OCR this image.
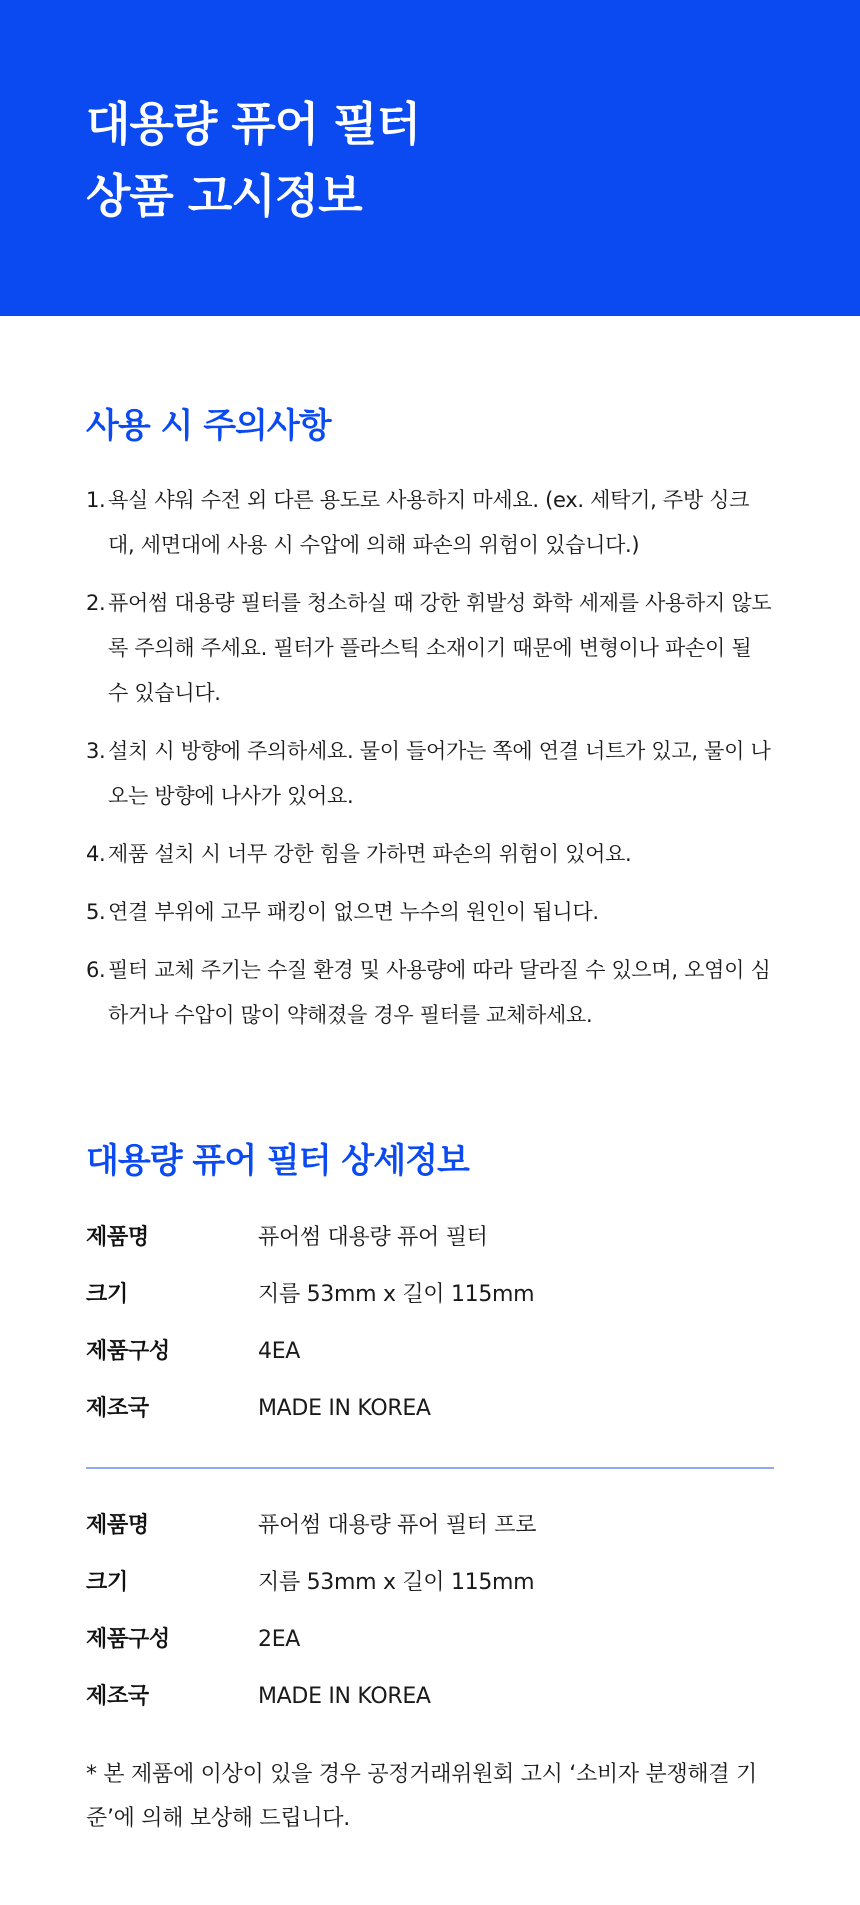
대용량 퓨어 필터
상품 고시정보
사용 시 주의사항
1. 욕실 샤워 수전 외 다른 용도로 사용하지 마세요. (ex. 세탁기, 주방 싱크대, 세면대에 사용 시 수압에 의해 파손의 위험이 있습니다.)
2. 퓨어썸 대용량 필터를 청소하실 때 강한 휘발성 화학 세제를 사용하지 않도록 주의해 주세요. 필터가 플라스틱 소재이기 때문에 변형이나 파손이 될 수 있습니다.
3. 설치 시 방향에 주의하세요. 물이 들어가는 쪽에 연결 너트가 있고, 물이 나오는 방향에 나사가 있어요.
4. 제품 설치 시 너무 강한 힘을 가하면 파손의 위험이 있어요.
5. 연결 부위에 고무 패킹이 없으면 누수의 원인이 됩니다.
6. 필터 교체 주기는 수질 환경 및 사용량에 따라 달라질 수 있으며, 오염이 심하거나 수압이 많이 약해졌을 경우 필터를 교체하세요.
대용량 퓨어 필터 상세정보
제품명	퓨어썸 대용량 퓨어 필터
크기	지름 53mm x 길이 115mm
제품구성	4EA
제조국	MADE IN KOREA
제품명	퓨어썸 대용량 퓨어 필터 프로
크기	지름 53mm x 길이 115mm
제품구성	2EA
제조국	MADE IN KOREA
* 본 제품에 이상이 있을 경우 공정거래위원회 고시 ‘소비자 분쟁해결 기준’에 의해 보상해 드립니다.
